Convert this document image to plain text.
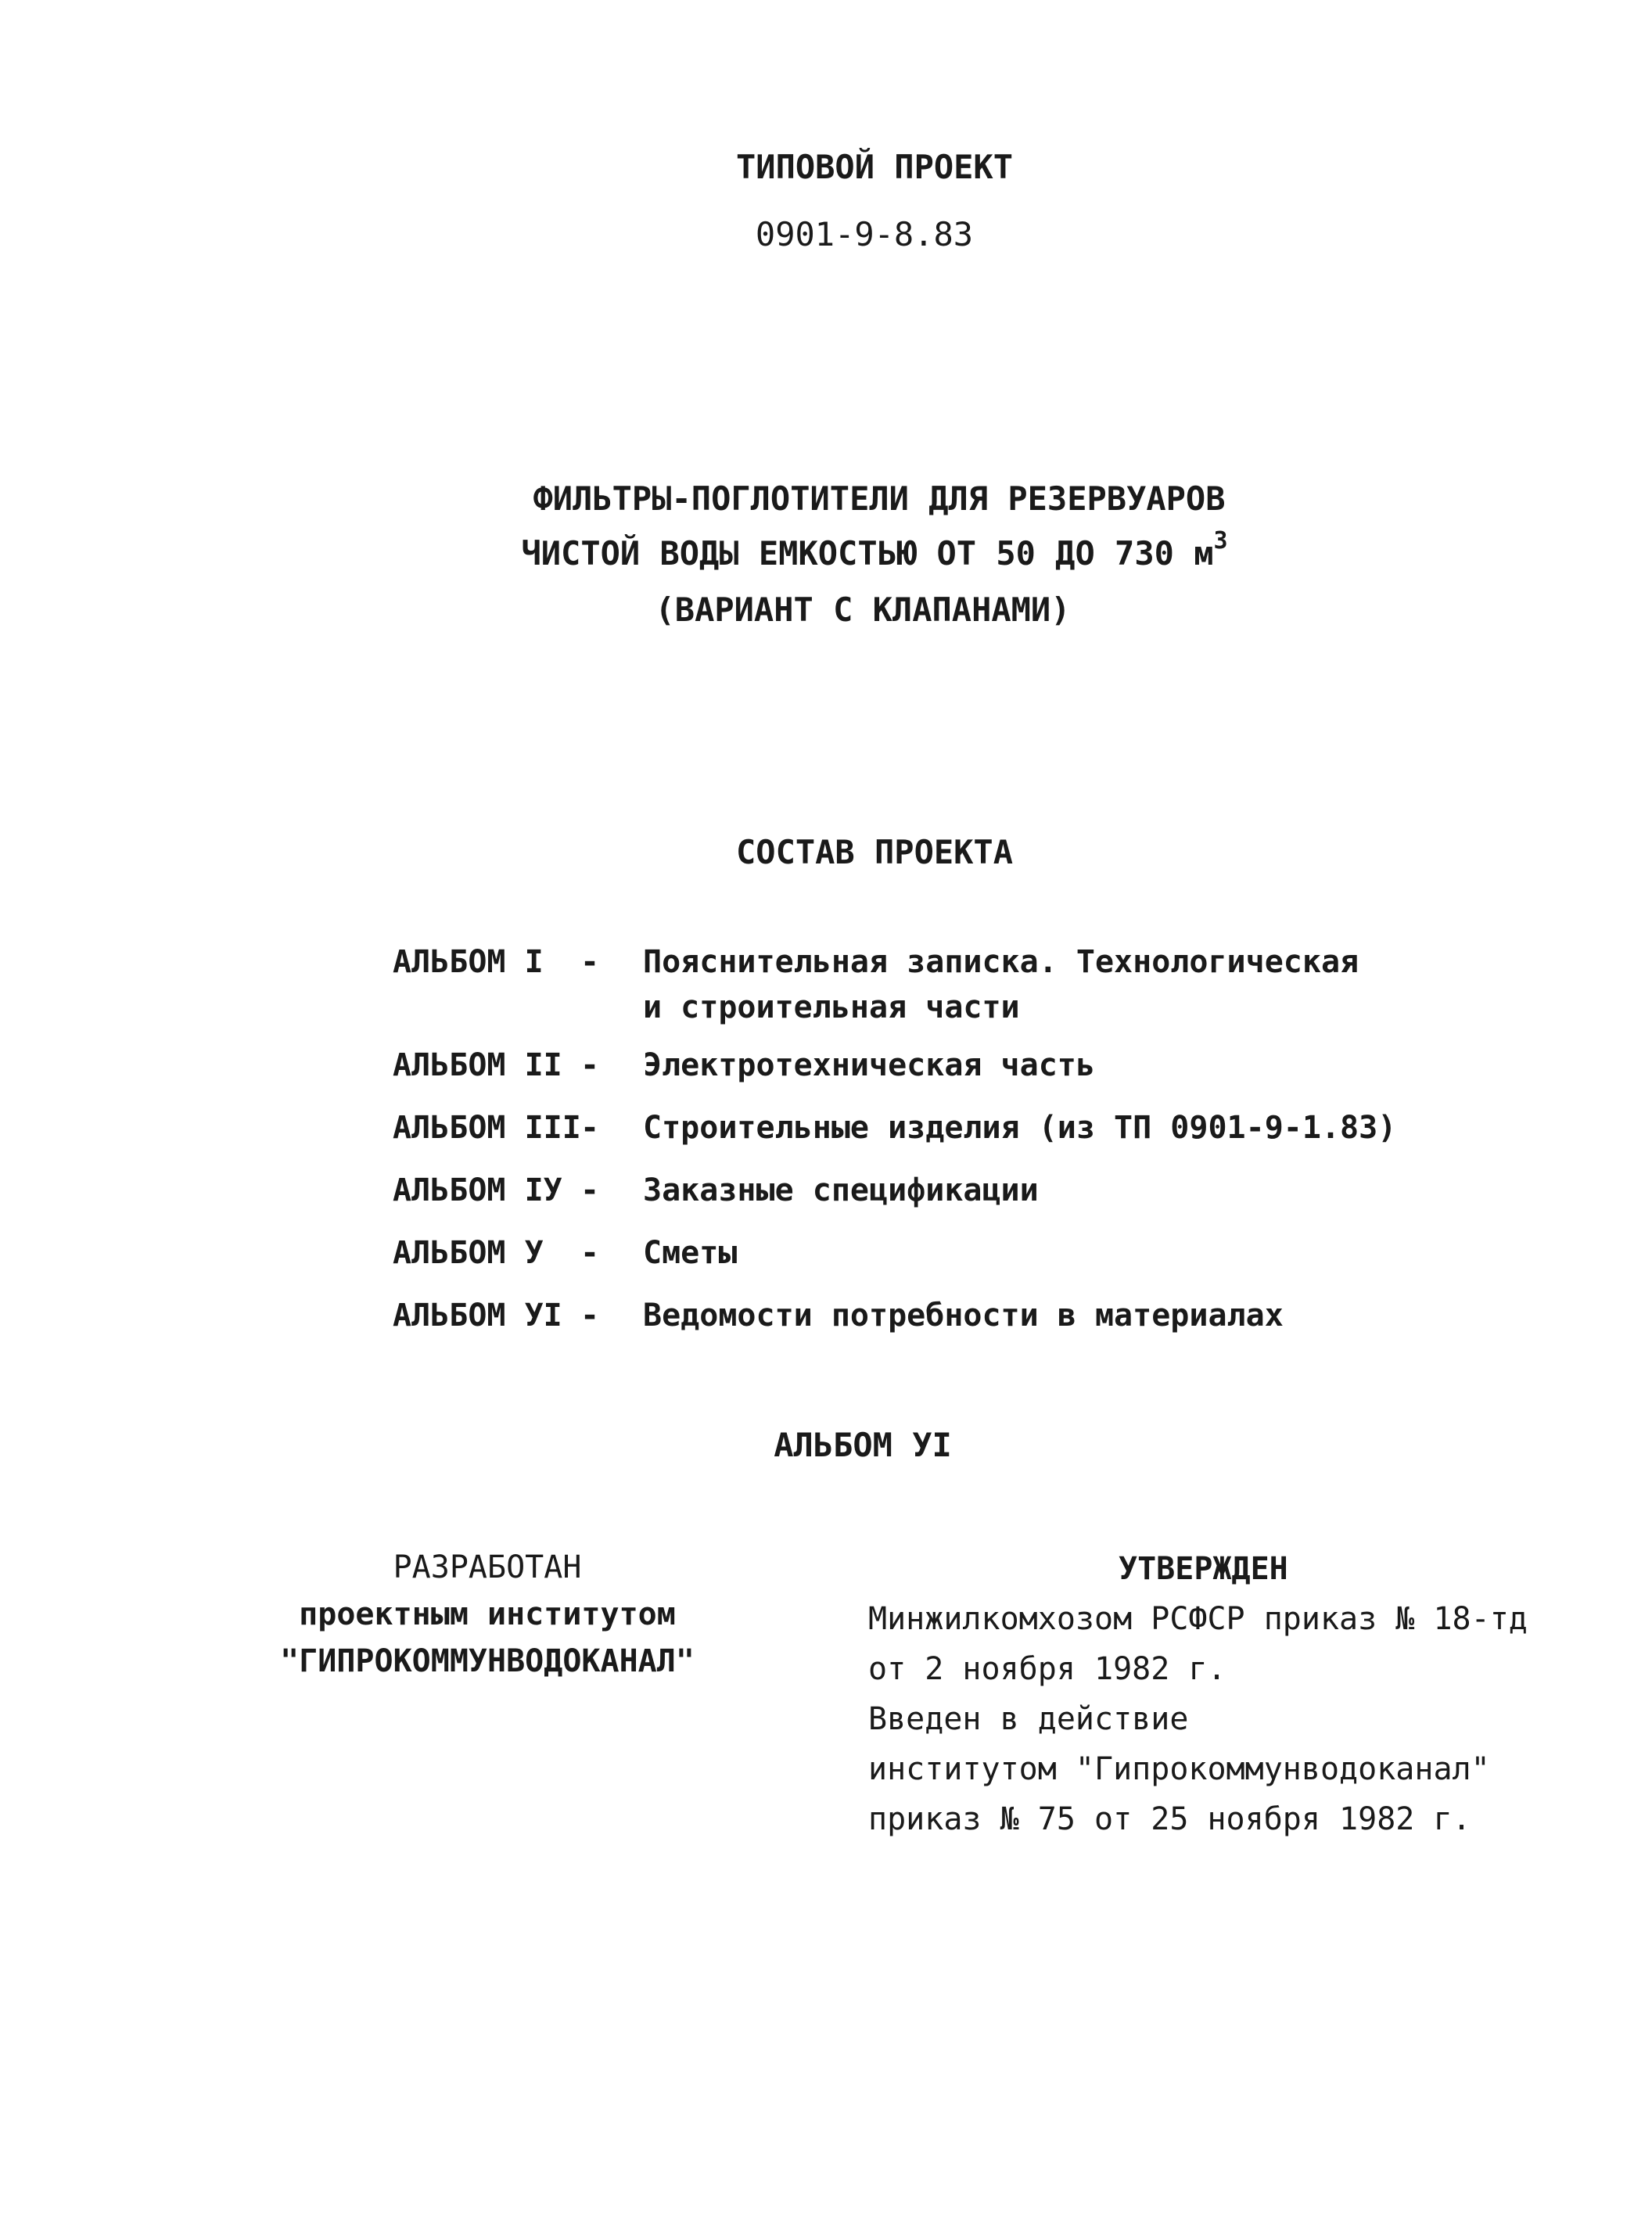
ТИПОВОЙ ПРОЕКТ
0901-9-8.83
ФИЛЬТРЫ-ПОГЛОТИТЕЛИ ДЛЯ РЕЗЕРВУАРОВ
ЧИСТОЙ ВОДЫ ЕМКОСТЬЮ ОТ 50 ДО 730 $м^3$
(ВАРИАНТ С КЛАПАНАМИ)
СОСТАВ ПРОЕКТА
АЛЬБОМ I - Пояснительная записка. Технологическая
и строительная части
АЛЬБОМ II - Электротехническая часть
АЛЬБОМ III- Строительные изделия (из ТП 0901-9-1.83)
АЛЬБОМ IУ - Заказные спецификации
АЛЬБОМ У - Сметы
АЛЬБОМ УI - Ведомости потребности в материалах
АЛЬБОМ УI
РАЗРАБОТАН
проектным институтом
"ГИПРОКОММУНВОДОКАНАЛ"
УТВЕРЖДЕН
Минжилкомхозом РСФСР приказ № 18-тд
от 2 ноября 1982 г.
Введен в действие
институтом "Гипрокоммунводоканал"
приказ № 75 от 25 ноября 1982 г.
